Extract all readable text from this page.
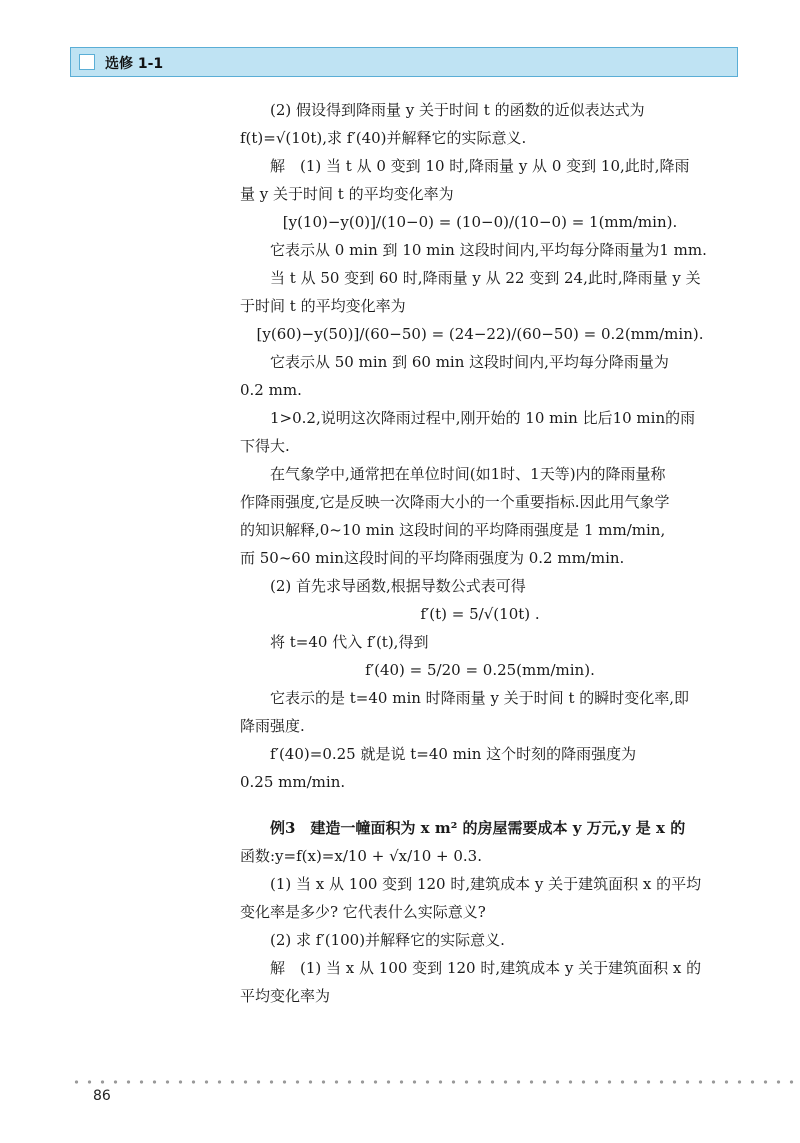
选修 1-1
(2) 假设得到降雨量 y 关于时间 t 的函数的近似表达式为
f(t)=√(10t),求 f′(40)并解释它的实际意义.
解　(1) 当 t 从 0 变到 10 时,降雨量 y 从 0 变到 10,此时,降雨
量 y 关于时间 t 的平均变化率为
[y(10)−y(0)]/(10−0) = (10−0)/(10−0) = 1(mm/min).
它表示从 0 min 到 10 min 这段时间内,平均每分降雨量为1 mm.
当 t 从 50 变到 60 时,降雨量 y 从 22 变到 24,此时,降雨量 y 关
于时间 t 的平均变化率为
[y(60)−y(50)]/(60−50) = (24−22)/(60−50) = 0.2(mm/min).
它表示从 50 min 到 60 min 这段时间内,平均每分降雨量为
0.2 mm.
1>0.2,说明这次降雨过程中,刚开始的 10 min 比后10 min的雨
下得大.
在气象学中,通常把在单位时间(如1时、1天等)内的降雨量称
作降雨强度,它是反映一次降雨大小的一个重要指标.因此用气象学
的知识解释,0~10 min 这段时间的平均降雨强度是 1 mm/min,
而 50~60 min这段时间的平均降雨强度为 0.2 mm/min.
(2) 首先求导函数,根据导数公式表可得
f′(t) = 5/√(10t) .
将 t=40 代入 f′(t),得到
f′(40) = 5/20 = 0.25(mm/min).
它表示的是 t=40 min 时降雨量 y 关于时间 t 的瞬时变化率,即
降雨强度.
f′(40)=0.25 就是说 t=40 min 这个时刻的降雨强度为
0.25 mm/min.
例3　建造一幢面积为 x m² 的房屋需要成本 y 万元,y 是 x 的
函数:y=f(x)=x/10 + √x/10 + 0.3.
(1) 当 x 从 100 变到 120 时,建筑成本 y 关于建筑面积 x 的平均
变化率是多少? 它代表什么实际意义?
(2) 求 f′(100)并解释它的实际意义.
解　(1) 当 x 从 100 变到 120 时,建筑成本 y 关于建筑面积 x 的
平均变化率为
86
